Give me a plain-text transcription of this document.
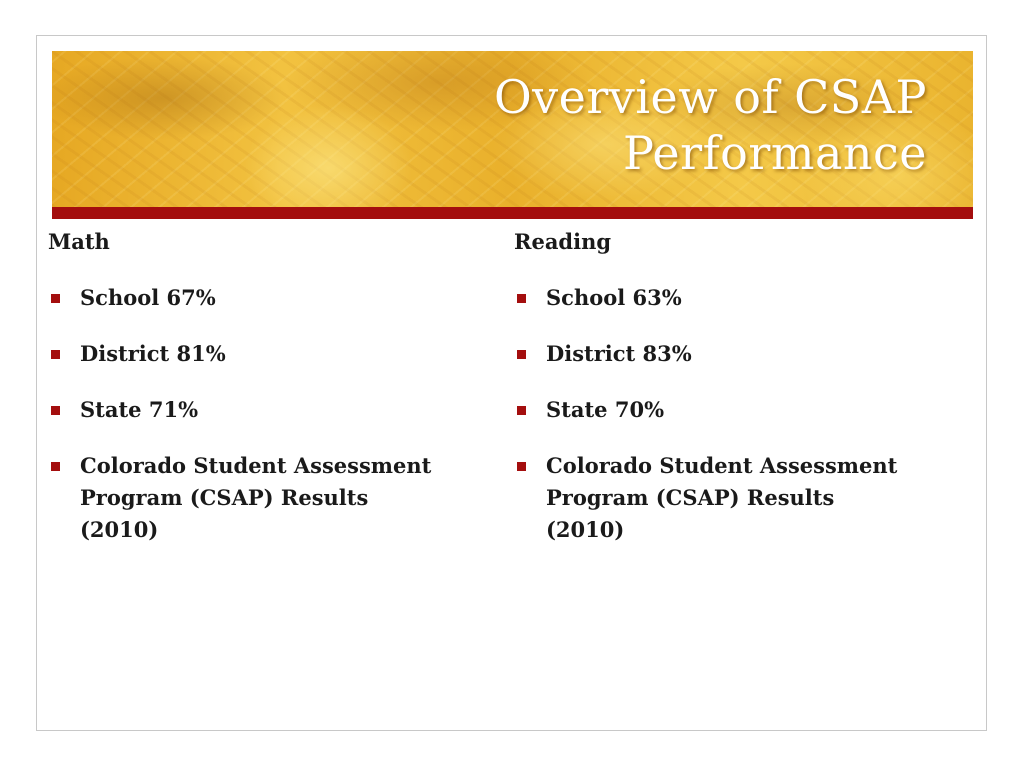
Overview of CSAP
Performance

Math

School 67%
District 81%
State 71%
Colorado Student Assessment Program (CSAP) Results (2010)

Reading

School 63%
District 83%
State 70%
Colorado Student Assessment Program (CSAP) Results (2010)
